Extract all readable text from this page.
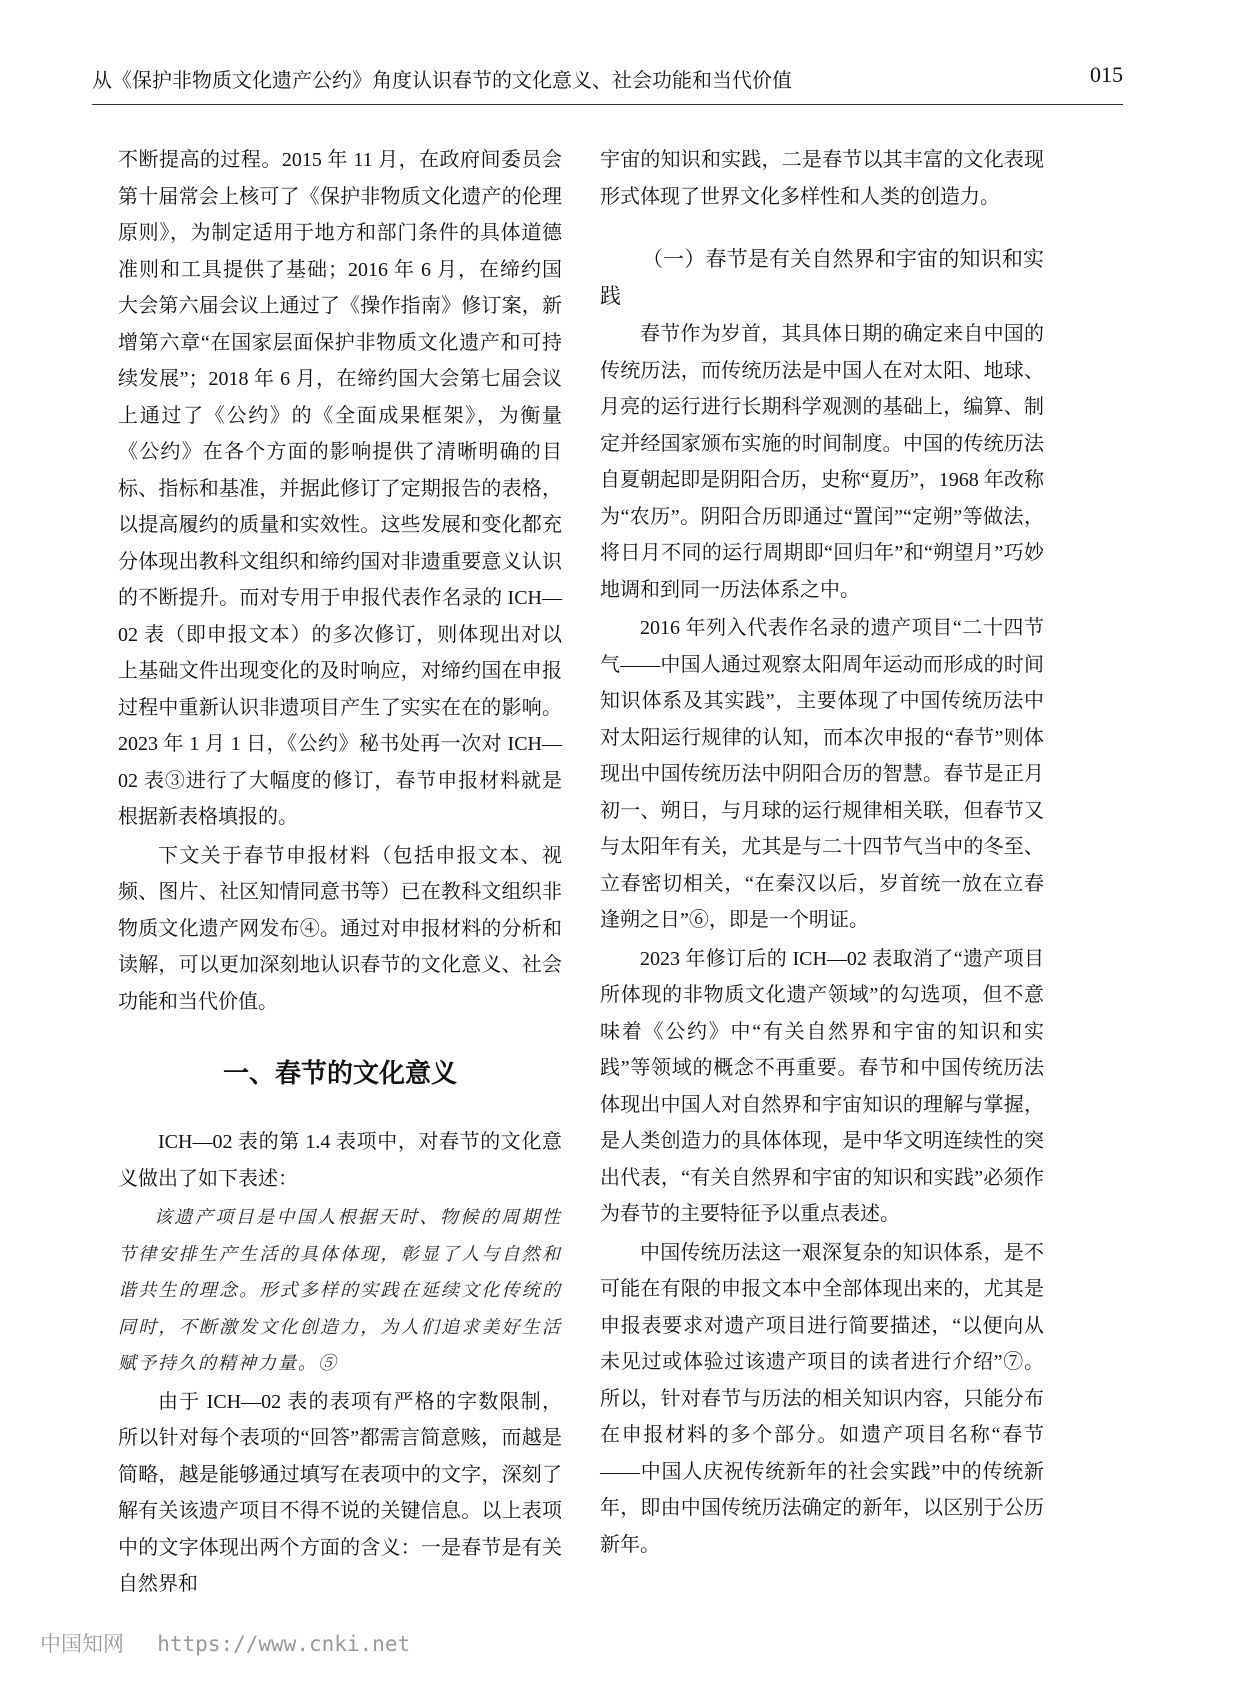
从《保护非物质文化遗产公约》角度认识春节的文化意义、社会功能和当代价值	015

不断提高的过程。2015 年 11 月，在政府间委员会第十届常会上核可了《保护非物质文化遗产的伦理原则》，为制定适用于地方和部门条件的具体道德准则和工具提供了基础；2016 年 6 月，在缔约国大会第六届会议上通过了《操作指南》修订案，新增第六章“在国家层面保护非物质文化遗产和可持续发展”；2018 年 6 月，在缔约国大会第七届会议上通过了《公约》的《全面成果框架》，为衡量《公约》在各个方面的影响提供了清晰明确的目标、指标和基准，并据此修订了定期报告的表格，以提高履约的质量和实效性。这些发展和变化都充分体现出教科文组织和缔约国对非遗重要意义认识的不断提升。而对专用于申报代表作名录的 ICH—02 表（即申报文本）的多次修订，则体现出对以上基础文件出现变化的及时响应，对缔约国在申报过程中重新认识非遗项目产生了实实在在的影响。2023 年 1 月 1 日，《公约》秘书处再一次对 ICH—02 表③进行了大幅度的修订，春节申报材料就是根据新表格填报的。

下文关于春节申报材料（包括申报文本、视频、图片、社区知情同意书等）已在教科文组织非物质文化遗产网发布④。通过对申报材料的分析和读解，可以更加深刻地认识春节的文化意义、社会功能和当代价值。

一、春节的文化意义

ICH—02 表的第 1.4 表项中，对春节的文化意义做出了如下表述：

该遗产项目是中国人根据天时、物候的周期性节律安排生产生活的具体体现，彰显了人与自然和谐共生的理念。形式多样的实践在延续文化传统的同时，不断激发文化创造力，为人们追求美好生活赋予持久的精神力量。⑤

由于 ICH—02 表的表项有严格的字数限制，所以针对每个表项的“回答”都需言简意赅，而越是简略，越是能够通过填写在表项中的文字，深刻了解有关该遗产项目不得不说的关键信息。以上表项中的文字体现出两个方面的含义：一是春节是有关自然界和

宇宙的知识和实践，二是春节以其丰富的文化表现形式体现了世界文化多样性和人类的创造力。

（一）春节是有关自然界和宇宙的知识和实践

春节作为岁首，其具体日期的确定来自中国的传统历法，而传统历法是中国人在对太阳、地球、月亮的运行进行长期科学观测的基础上，编算、制定并经国家颁布实施的时间制度。中国的传统历法自夏朝起即是阴阳合历，史称“夏历”，1968 年改称为“农历”。阴阳合历即通过“置闰”“定朔”等做法，将日月不同的运行周期即“回归年”和“朔望月”巧妙地调和到同一历法体系之中。

2016 年列入代表作名录的遗产项目“二十四节气——中国人通过观察太阳周年运动而形成的时间知识体系及其实践”，主要体现了中国传统历法中对太阳运行规律的认知，而本次申报的“春节”则体现出中国传统历法中阴阳合历的智慧。春节是正月初一、朔日，与月球的运行规律相关联，但春节又与太阳年有关，尤其是与二十四节气当中的冬至、立春密切相关，“在秦汉以后，岁首统一放在立春逢朔之日”⑥，即是一个明证。

2023 年修订后的 ICH—02 表取消了“遗产项目所体现的非物质文化遗产领域”的勾选项，但不意味着《公约》中“有关自然界和宇宙的知识和实践”等领域的概念不再重要。春节和中国传统历法体现出中国人对自然界和宇宙知识的理解与掌握，是人类创造力的具体体现，是中华文明连续性的突出代表，“有关自然界和宇宙的知识和实践”必须作为春节的主要特征予以重点表述。

中国传统历法这一艰深复杂的知识体系，是不可能在有限的申报文本中全部体现出来的，尤其是申报表要求对遗产项目进行简要描述，“以便向从未见过或体验过该遗产项目的读者进行介绍”⑦。所以，针对春节与历法的相关知识内容，只能分布在申报材料的多个部分。如遗产项目名称“春节——中国人庆祝传统新年的社会实践”中的传统新年，即由中国传统历法确定的新年，以区别于公历新年。

中国知网 https://www.cnki.net
